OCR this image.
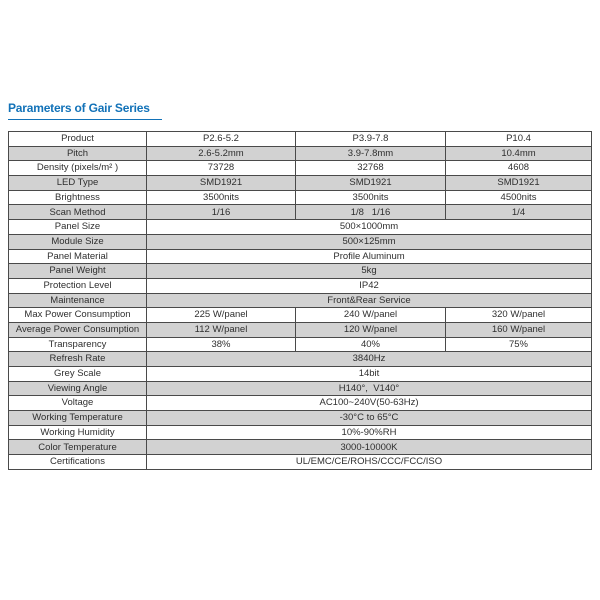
Parameters of Gair Series
Product	P2.6-5.2	P3.9-7.8	P10.4
Pitch	2.6-5.2mm	3.9-7.8mm	10.4mm
Density (pixels/m² )	73728	32768	4608
LED Type	SMD1921	SMD1921	SMD1921
Brightness	3500nits	3500nits	4500nits
Scan Method	1/16	1/8   1/16	1/4
Panel Size	500×1000mm		
Module Size	500×125mm		
Panel Material	Profile Aluminum		
Panel Weight	5kg		
Protection Level	IP42		
Maintenance	Front&Rear Service		
Max Power Consumption	225 W/panel	240 W/panel	320 W/panel
Average Power Consumption	112 W/panel	120 W/panel	160 W/panel
Transparency	38%	40%	75%
Refresh Rate	3840Hz		
Grey Scale	14bit		
Viewing Angle	H140°,  V140°		
Voltage	AC100~240V(50-63Hz)		
Working Temperature	-30°C to 65°C		
Working Humidity	10%-90%RH		
Color Temperature	3000-10000K		
Certifications	UL/EMC/CE/ROHS/CCC/FCC/ISO		
